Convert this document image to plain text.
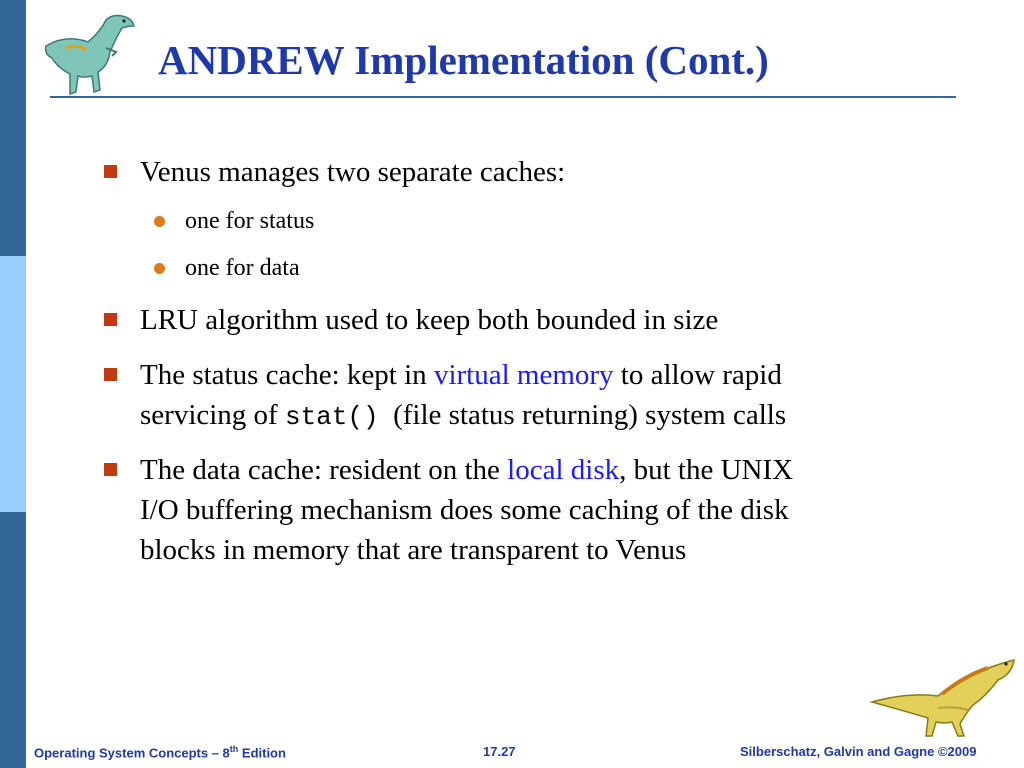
ANDREW Implementation (Cont.)
Venus manages two separate caches:
one for status
one for data
LRU algorithm used to keep both bounded in size
The status cache: kept in virtual memory to allow rapid
servicing of stat()  (file status returning) system calls
The data cache: resident on the local disk, but the UNIX
I/O buffering mechanism does some caching of the disk
blocks in memory that are transparent to Venus
Operating System Concepts – 8th Edition	17.27	Silberschatz, Galvin and Gagne ©2009
